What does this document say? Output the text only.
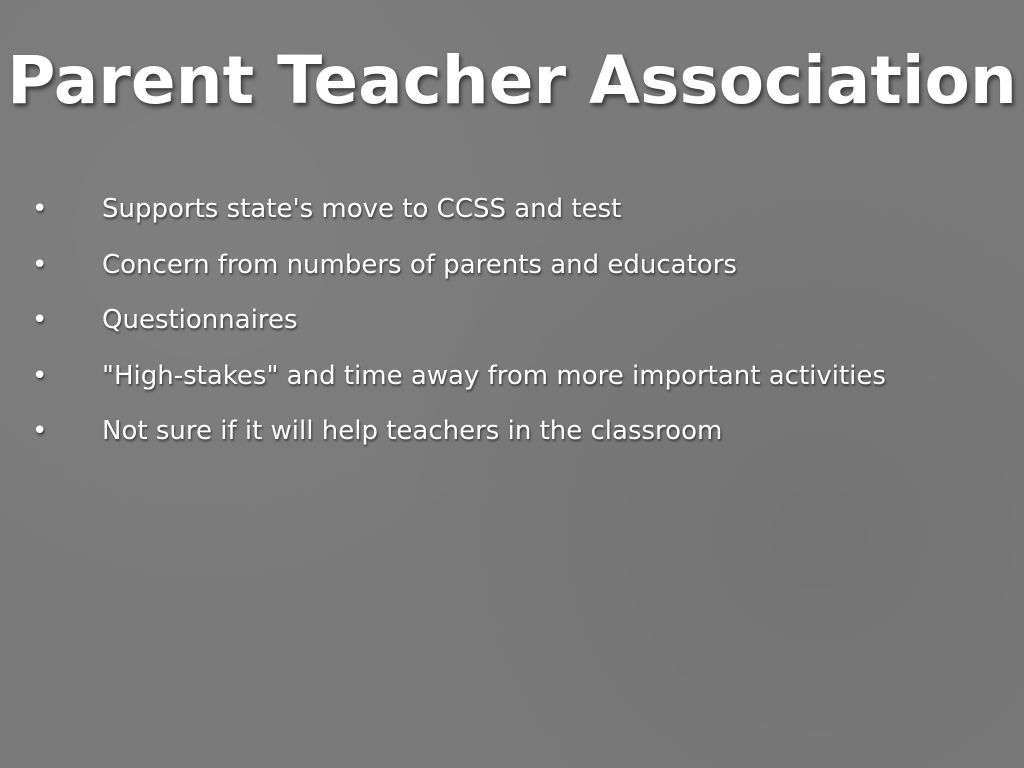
Parent Teacher Association
• Supports state's move to CCSS and test
• Concern from numbers of parents and educators
• Questionnaires
• "High-stakes" and time away from more important activities
• Not sure if it will help teachers in the classroom
